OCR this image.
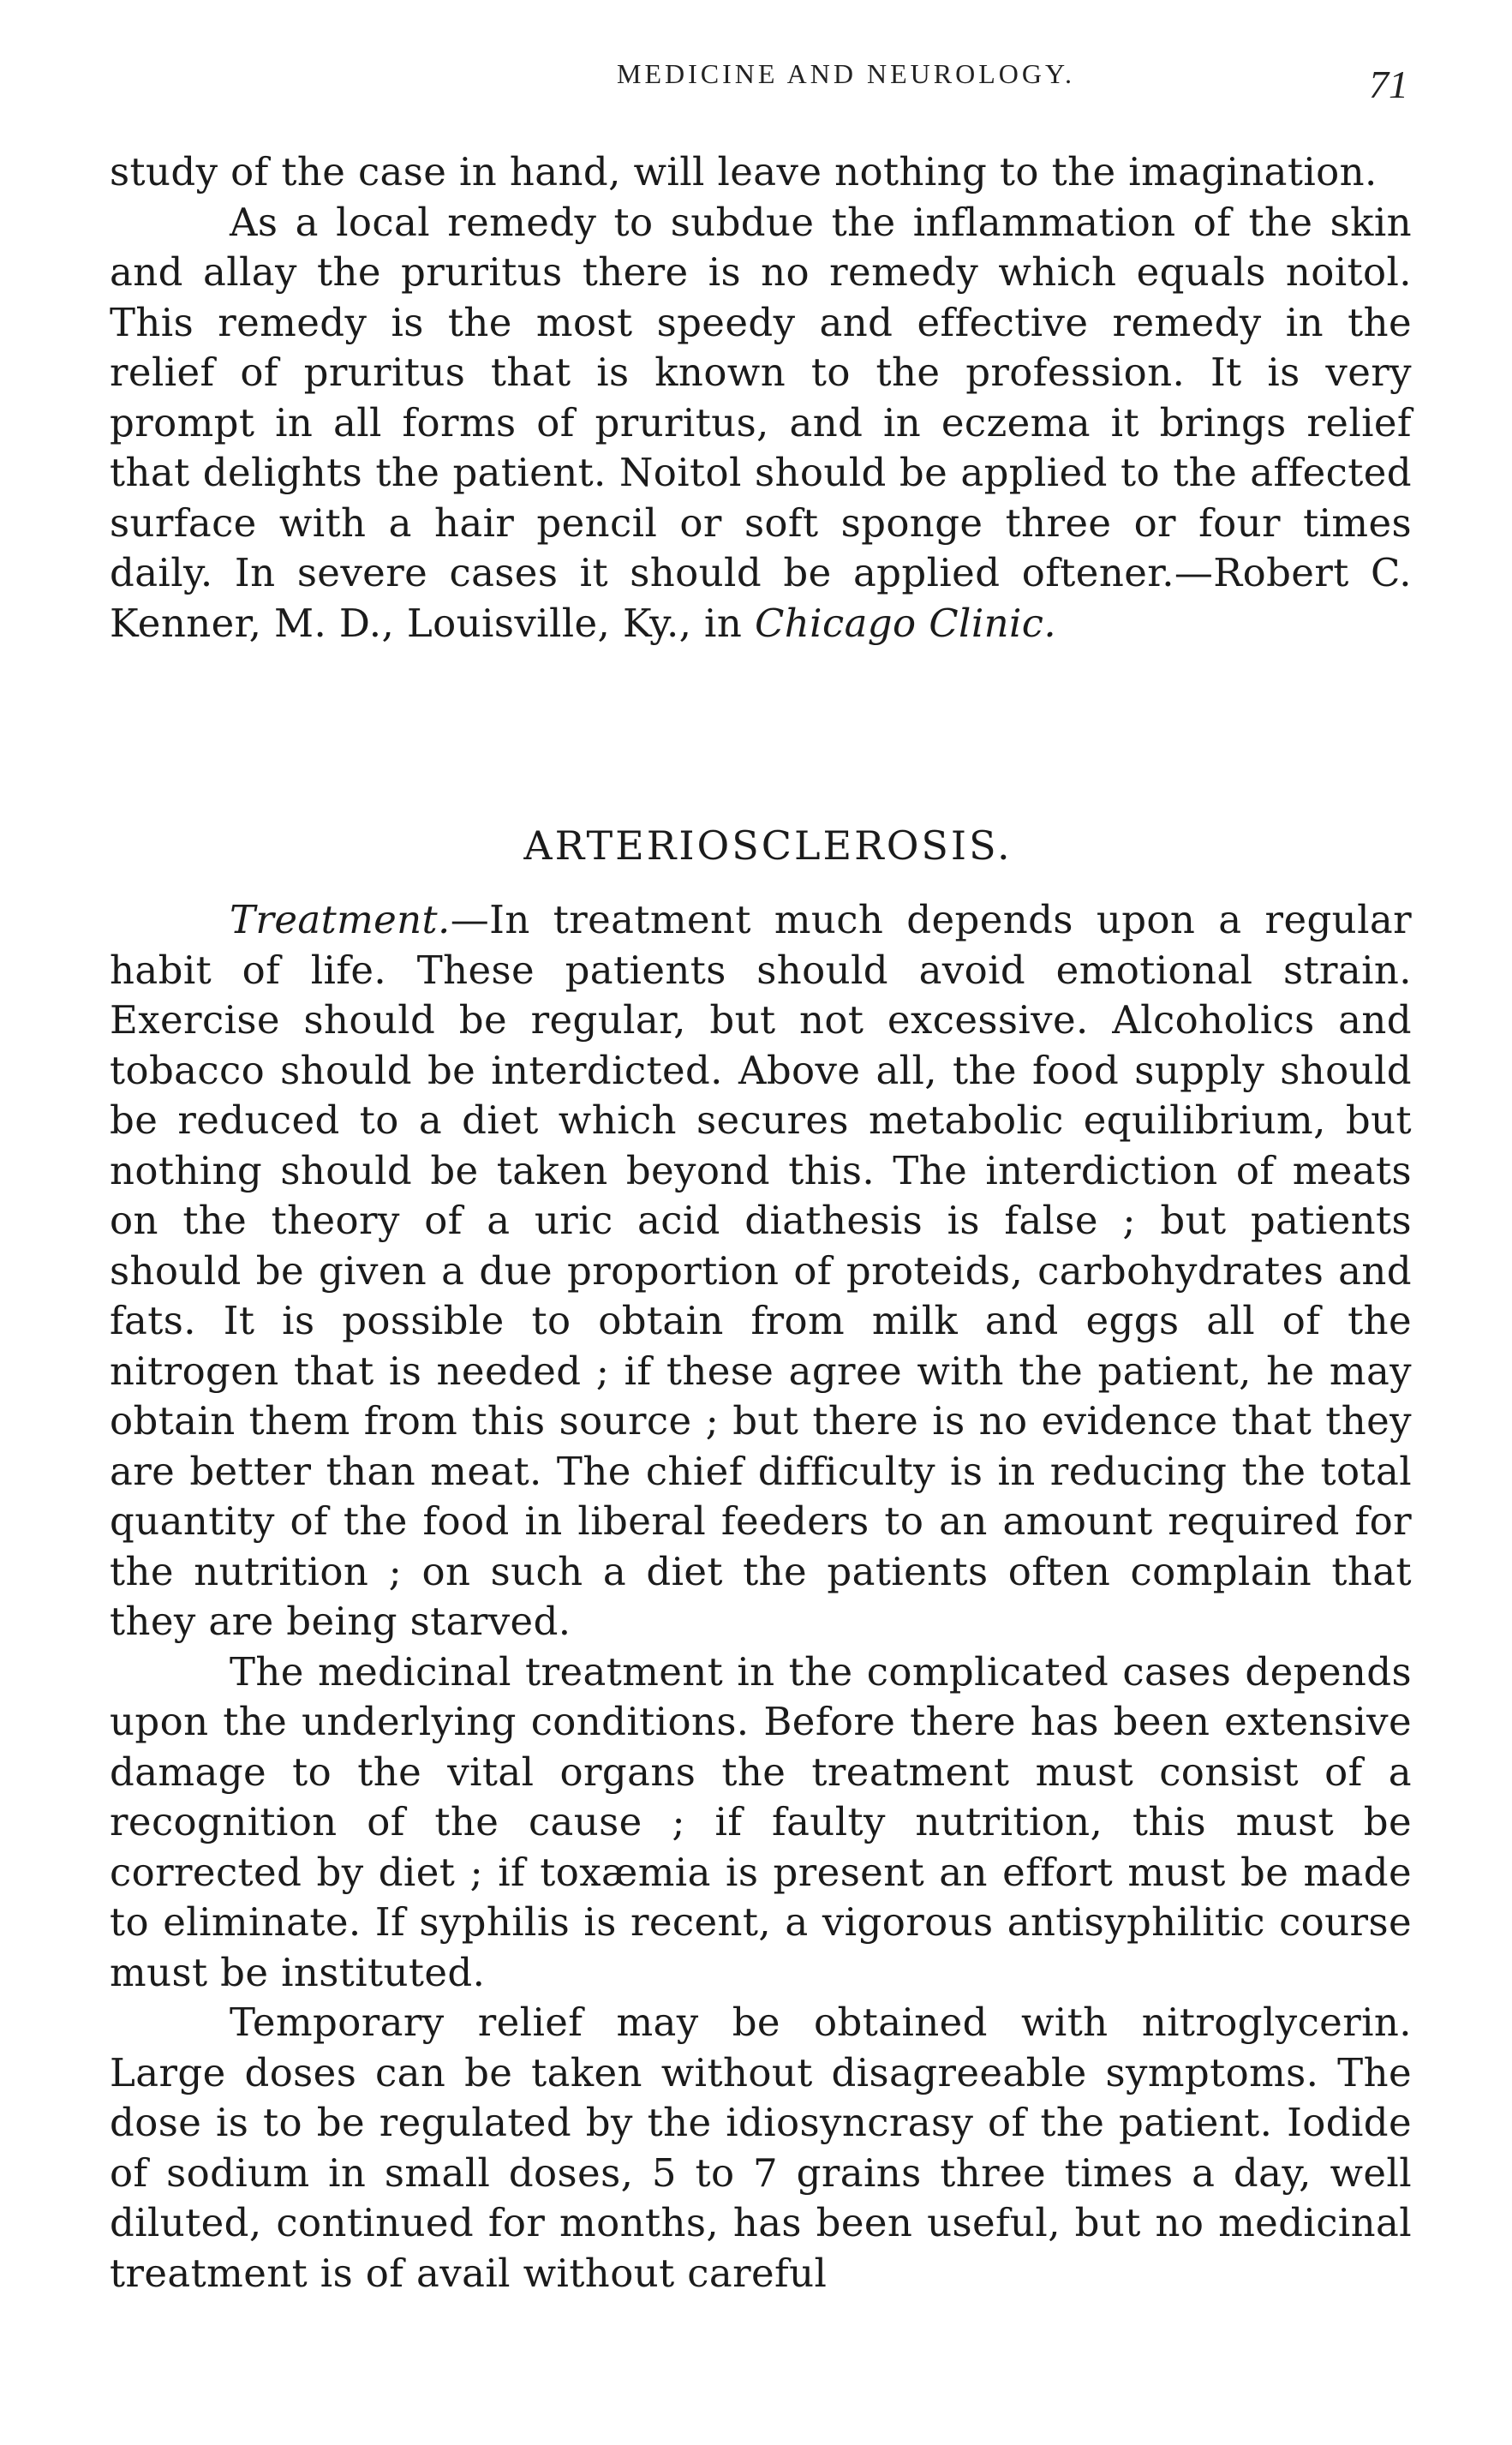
MEDICINE AND NEUROLOGY.	71

study of the case in hand, will leave nothing to the imagination.

As a local remedy to subdue the inflammation of the skin and allay the pruritus there is no remedy which equals noitol. This remedy is the most speedy and effective remedy in the relief of pruritus that is known to the profession. It is very prompt in all forms of pruritus, and in eczema it brings relief that delights the patient. Noitol should be applied to the affected surface with a hair pencil or soft sponge three or four times daily. In severe cases it should be applied oftener.—Robert C. Kenner, M. D., Louisville, Ky., in Chicago Clinic.

ARTERIOSCLEROSIS.

Treatment.—In treatment much depends upon a regular habit of life. These patients should avoid emotional strain. Exercise should be regular, but not excessive. Alcoholics and tobacco should be interdicted. Above all, the food supply should be reduced to a diet which secures metabolic equilibrium, but nothing should be taken beyond this. The interdiction of meats on the theory of a uric acid diathesis is false ; but patients should be given a due proportion of proteids, carbohydrates and fats. It is possible to obtain from milk and eggs all of the nitrogen that is needed ; if these agree with the patient, he may obtain them from this source ; but there is no evidence that they are better than meat. The chief difficulty is in reducing the total quantity of the food in liberal feeders to an amount required for the nutrition ; on such a diet the patients often complain that they are being starved.

The medicinal treatment in the complicated cases depends upon the underlying conditions. Before there has been extensive damage to the vital organs the treatment must consist of a recognition of the cause ; if faulty nutrition, this must be corrected by diet ; if toxæmia is present an effort must be made to eliminate. If syphilis is recent, a vigorous antisyphilitic course must be instituted.

Temporary relief may be obtained with nitroglycerin. Large doses can be taken without disagreeable symptoms. The dose is to be regulated by the idiosyncrasy of the patient. Iodide of sodium in small doses, 5 to 7 grains three times a day, well diluted, continued for months, has been useful, but no medicinal treatment is of avail without careful
